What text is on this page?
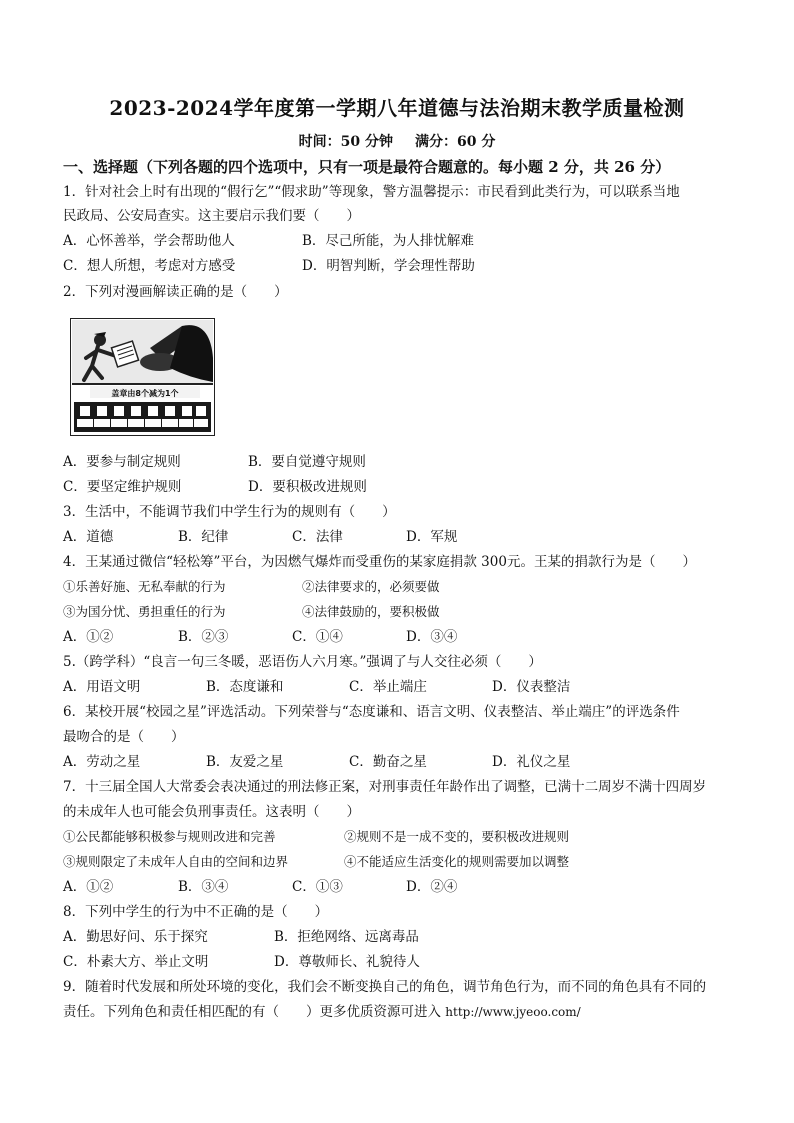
2023-2024学年度第一学期八年道德与法治期末教学质量检测
时间：50 分钟 满分：60 分
一、选择题（下列各题的四个选项中，只有一项是最符合题意的。每小题 2 分，共 26 分）
1．针对社会上时有出现的“假行乞”“假求助”等现象，警方温馨提示：市民看到此类行为，可以联系当地
民政局、公安局查实。这主要启示我们要（　　）
A．心怀善举，学会帮助他人	B．尽己所能，为人排忧解难
C．想人所想，考虑对方感受	D．明智判断，学会理性帮助
2．下列对漫画解读正确的是（　　）
盖章由8个减为1个
A．要参与制定规则	B．要自觉遵守规则
C．要坚定维护规则	D．要积极改进规则
3．生活中，不能调节我们中学生行为的规则有（　　）
A．道德	B．纪律	C．法律	D．军规
4．王某通过微信“轻松筹”平台，为因燃气爆炸而受重伤的某家庭捐款 300元。王某的捐款行为是（　　）
①乐善好施、无私奉献的行为	②法律要求的，必须要做
③为国分忧、勇担重任的行为	④法律鼓励的，要积极做
A．①②	B．②③	C．①④	D．③④
5.（跨学科）“良言一句三冬暖，恶语伤人六月寒。”强调了与人交往必须（　　）
A．用语文明	B．态度谦和	C．举止端庄	D．仪表整洁
6．某校开展“校园之星”评选活动。下列荣誉与“态度谦和、语言文明、仪表整洁、举止端庄”的评选条件
最吻合的是（　　）
A．劳动之星	B．友爱之星	C．勤奋之星	D．礼仪之星
7．十三届全国人大常委会表决通过的刑法修正案，对刑事责任年龄作出了调整，已满十二周岁不满十四周岁
的未成年人也可能会负刑事责任。这表明（　　）
①公民都能够积极参与规则改进和完善	②规则不是一成不变的，要积极改进规则
③规则限定了未成年人自由的空间和边界	④不能适应生活变化的规则需要加以调整
A．①②	B．③④	C．①③	D．②④
8．下列中学生的行为中不正确的是（　　）
A．勤思好问、乐于探究	B．拒绝网络、远离毒品
C．朴素大方、举止文明	D．尊敬师长、礼貌待人
9．随着时代发展和所处环境的变化，我们会不断变换自己的角色，调节角色行为，而不同的角色具有不同的
责任。下列角色和责任相匹配的有（　　）更多优质资源可进入 http://www.jyeoo.com/
